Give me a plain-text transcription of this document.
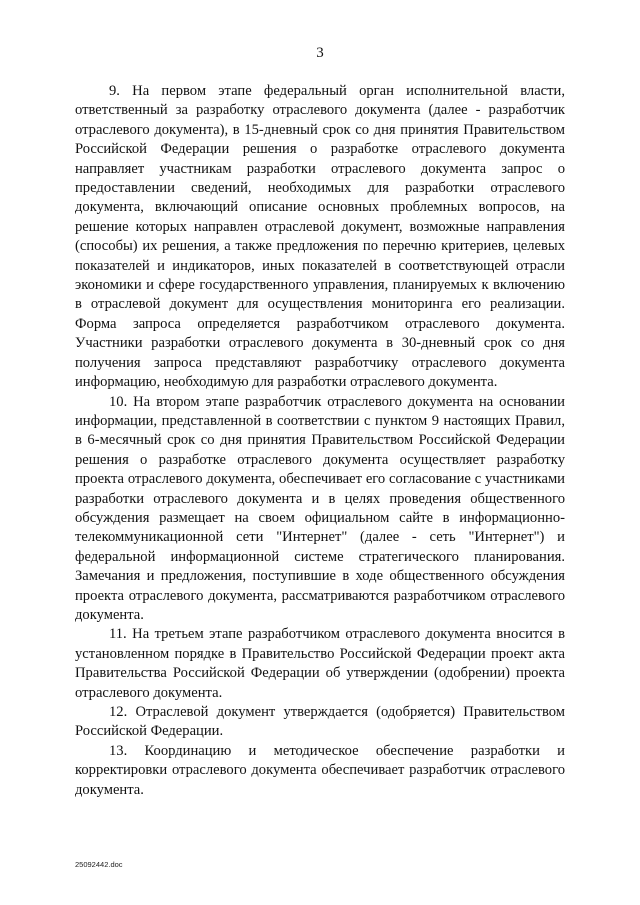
3

9. На первом этапе федеральный орган исполнительной власти, ответственный за разработку отраслевого документа (далее - разработчик отраслевого документа), в 15-дневный срок со дня принятия Правительством Российской Федерации решения о разработке отраслевого документа направляет участникам разработки отраслевого документа запрос о предоставлении сведений, необходимых для разработки отраслевого документа, включающий описание основных проблемных вопросов, на решение которых направлен отраслевой документ, возможные направления (способы) их решения, а также предложения по перечню критериев, целевых показателей и индикаторов, иных показателей в соответствующей отрасли экономики и сфере государственного управления, планируемых к включению в отраслевой документ для осуществления мониторинга его реализации. Форма запроса определяется разработчиком отраслевого документа. Участники разработки отраслевого документа в 30-дневный срок со дня получения запроса представляют разработчику отраслевого документа информацию, необходимую для разработки отраслевого документа.

10. На втором этапе разработчик отраслевого документа на основании информации, представленной в соответствии с пунктом 9 настоящих Правил, в 6-месячный срок со дня принятия Правительством Российской Федерации решения о разработке отраслевого документа осуществляет разработку проекта отраслевого документа, обеспечивает его согласование с участниками разработки отраслевого документа и в целях проведения общественного обсуждения размещает на своем официальном сайте в информационно-телекоммуникационной сети "Интернет" (далее - сеть "Интернет") и федеральной информационной системе стратегического планирования. Замечания и предложения, поступившие в ходе общественного обсуждения проекта отраслевого документа, рассматриваются разработчиком отраслевого документа.

11. На третьем этапе разработчиком отраслевого документа вносится в установленном порядке в Правительство Российской Федерации проект акта Правительства Российской Федерации об утверждении (одобрении) проекта отраслевого документа.

12. Отраслевой документ утверждается (одобряется) Правительством Российской Федерации.

13. Координацию и методическое обеспечение разработки и корректировки отраслевого документа обеспечивает разработчик отраслевого документа.

25092442.doc
